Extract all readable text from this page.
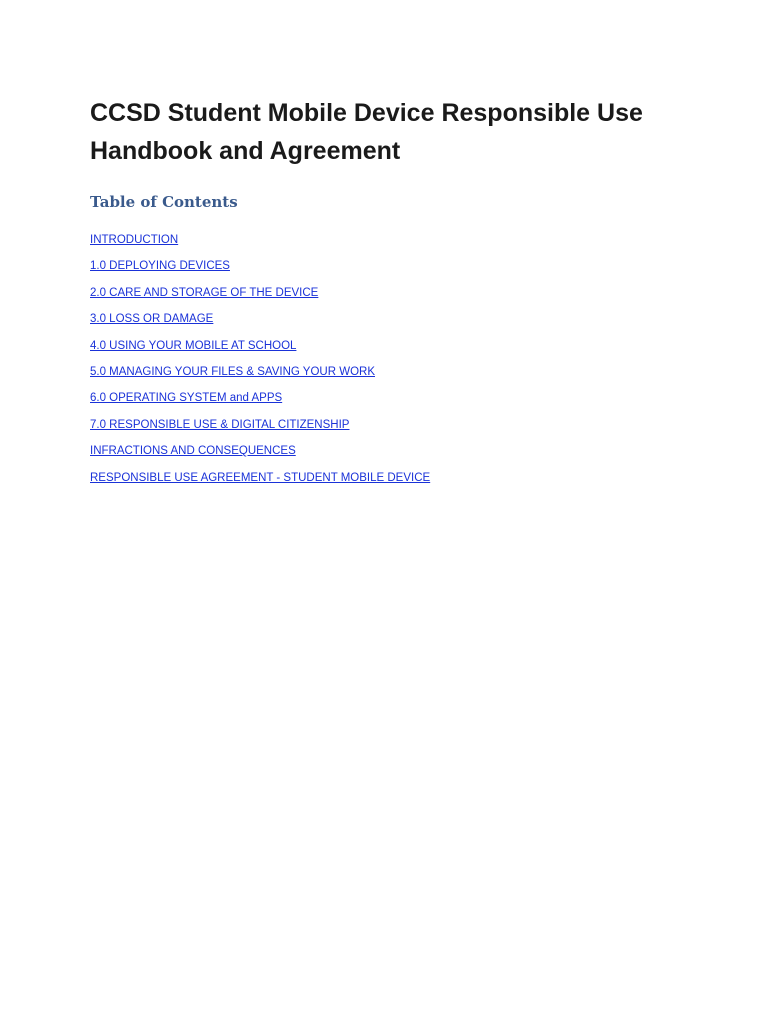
CCSD Student Mobile Device Responsible Use Handbook and Agreement
Table of Contents
INTRODUCTION
1.0 DEPLOYING DEVICES
2.0 CARE AND STORAGE OF THE DEVICE
3.0 LOSS OR DAMAGE
4.0 USING YOUR MOBILE AT SCHOOL
5.0 MANAGING YOUR FILES & SAVING YOUR WORK
6.0 OPERATING SYSTEM and APPS
7.0 RESPONSIBLE USE & DIGITAL CITIZENSHIP
INFRACTIONS AND CONSEQUENCES
RESPONSIBLE USE AGREEMENT - STUDENT MOBILE DEVICE
